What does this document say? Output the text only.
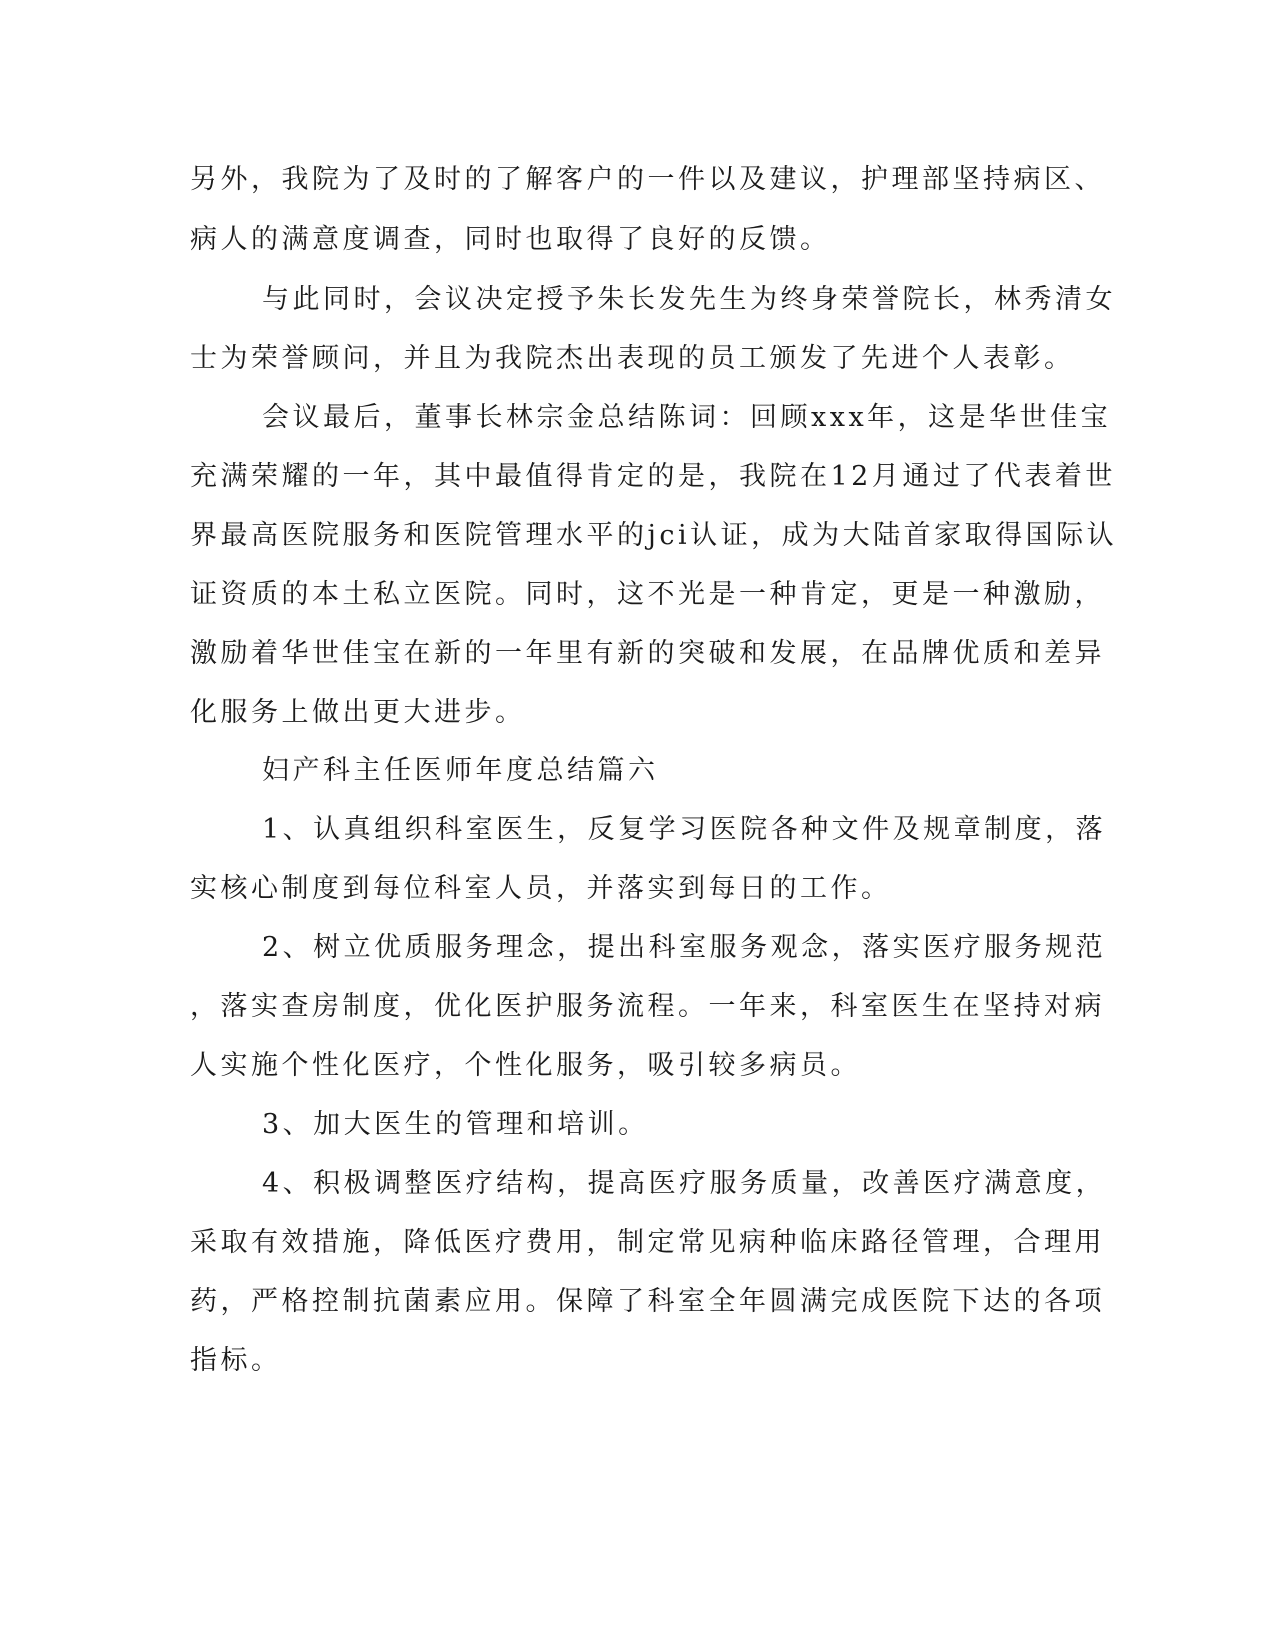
另外，我院为了及时的了解客户的一件以及建议，护理部坚持病区、
病人的满意度调查，同时也取得了良好的反馈。
与此同时，会议决定授予朱长发先生为终身荣誉院长，林秀清女
士为荣誉顾问，并且为我院杰出表现的员工颁发了先进个人表彰。
会议最后，董事长林宗金总结陈词：回顾xxx年，这是华世佳宝
充满荣耀的一年，其中最值得肯定的是，我院在12月通过了代表着世
界最高医院服务和医院管理水平的jci认证，成为大陆首家取得国际认
证资质的本土私立医院。同时，这不光是一种肯定，更是一种激励，
激励着华世佳宝在新的一年里有新的突破和发展，在品牌优质和差异
化服务上做出更大进步。
妇产科主任医师年度总结篇六
1、认真组织科室医生，反复学习医院各种文件及规章制度，落
实核心制度到每位科室人员，并落实到每日的工作。
2、树立优质服务理念，提出科室服务观念，落实医疗服务规范
，落实查房制度，优化医护服务流程。一年来，科室医生在坚持对病
人实施个性化医疗，个性化服务，吸引较多病员。
3、加大医生的管理和培训。
4、积极调整医疗结构，提高医疗服务质量，改善医疗满意度，
采取有效措施，降低医疗费用，制定常见病种临床路径管理，合理用
药，严格控制抗菌素应用。保障了科室全年圆满完成医院下达的各项
指标。
